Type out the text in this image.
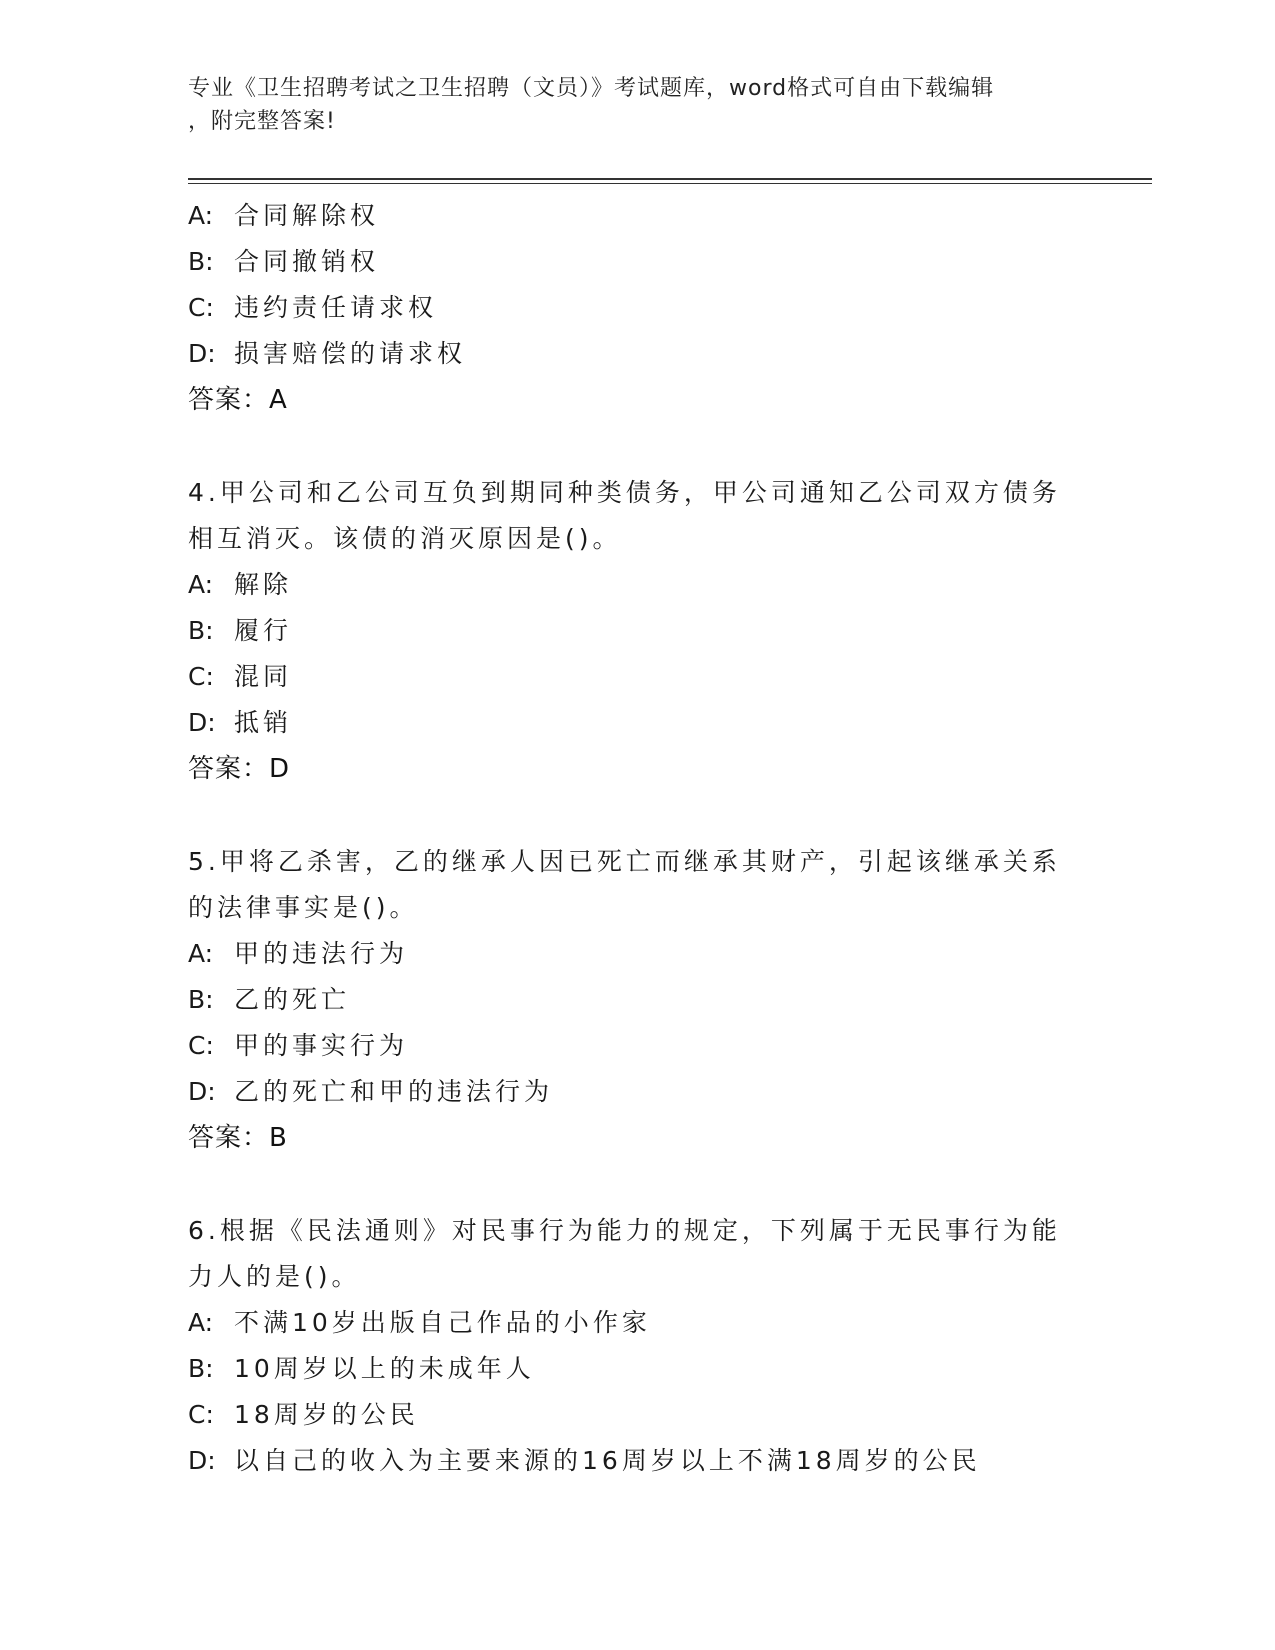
专业《卫生招聘考试之卫生招聘（文员）》考试题库，word格式可自由下载编辑
，附完整答案!
A: 合同解除权
B: 合同撤销权
C: 违约责任请求权
D: 损害赔偿的请求权
答案：A
4.甲公司和乙公司互负到期同种类债务，甲公司通知乙公司双方债务
相互消灭。该债的消灭原因是()。
A: 解除
B: 履行
C: 混同
D: 抵销
答案：D
5.甲将乙杀害，乙的继承人因已死亡而继承其财产，引起该继承关系
的法律事实是()。
A: 甲的违法行为
B: 乙的死亡
C: 甲的事实行为
D: 乙的死亡和甲的违法行为
答案：B
6.根据《民法通则》对民事行为能力的规定，下列属于无民事行为能
力人的是()。
A: 不满10岁出版自己作品的小作家
B: 10周岁以上的未成年人
C: 18周岁的公民
D: 以自己的收入为主要来源的16周岁以上不满18周岁的公民
